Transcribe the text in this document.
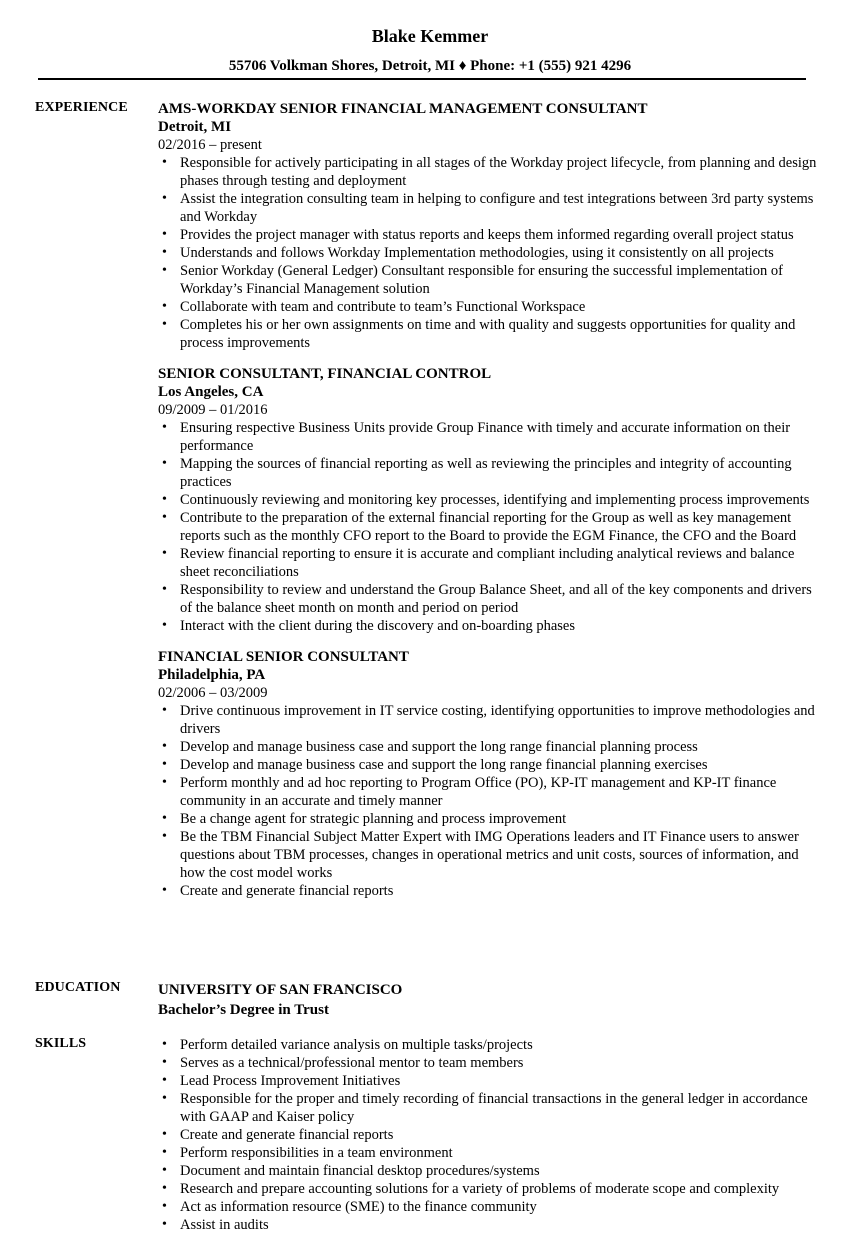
Blake Kemmer
55706 Volkman Shores, Detroit, MI ♦ Phone: +1 (555) 921 4296
EXPERIENCE AMS-WORKDAY SENIOR FINANCIAL MANAGEMENT CONSULTANT
Detroit, MI
02/2016 – present
• Responsible for actively participating in all stages of the Workday project lifecycle, from planning and design phases through testing and deployment
• Assist the integration consulting team in helping to configure and test integrations between 3rd party systems and Workday
• Provides the project manager with status reports and keeps them informed regarding overall project status
• Understands and follows Workday Implementation methodologies, using it consistently on all projects
• Senior Workday (General Ledger) Consultant responsible for ensuring the successful implementation of Workday’s Financial Management solution
• Collaborate with team and contribute to team’s Functional Workspace
• Completes his or her own assignments on time and with quality and suggests opportunities for quality and process improvements
SENIOR CONSULTANT, FINANCIAL CONTROL
Los Angeles, CA
09/2009 – 01/2016
• Ensuring respective Business Units provide Group Finance with timely and accurate information on their performance
• Mapping the sources of financial reporting as well as reviewing the principles and integrity of accounting practices
• Continuously reviewing and monitoring key processes, identifying and implementing process improvements
• Contribute to the preparation of the external financial reporting for the Group as well as key management reports such as the monthly CFO report to the Board to provide the EGM Finance, the CFO and the Board
• Review financial reporting to ensure it is accurate and compliant including analytical reviews and balance sheet reconciliations
• Responsibility to review and understand the Group Balance Sheet, and all of the key components and drivers of the balance sheet month on month and period on period
• Interact with the client during the discovery and on-boarding phases
FINANCIAL SENIOR CONSULTANT
Philadelphia, PA
02/2006 – 03/2009
• Drive continuous improvement in IT service costing, identifying opportunities to improve methodologies and drivers
• Develop and manage business case and support the long range financial planning process
• Develop and manage business case and support the long range financial planning exercises
• Perform monthly and ad hoc reporting to Program Office (PO), KP-IT management and KP-IT finance community in an accurate and timely manner
• Be a change agent for strategic planning and process improvement
• Be the TBM Financial Subject Matter Expert with IMG Operations leaders and IT Finance users to answer questions about TBM processes, changes in operational metrics and unit costs, sources of information, and how the cost model works
• Create and generate financial reports
EDUCATION	UNIVERSITY OF SAN FRANCISCO
Bachelor’s Degree in Trust
SKILLS
•	Perform detailed variance analysis on multiple tasks/projects
• Serves as a technical/professional mentor to team members
• Lead Process Improvement Initiatives
• Responsible for the proper and timely recording of financial transactions in the general ledger in accordance with GAAP and Kaiser policy
• Create and generate financial reports
• Perform responsibilities in a team environment
• Document and maintain financial desktop procedures/systems
• Research and prepare accounting solutions for a variety of problems of moderate scope and complexity
• Act as information resource (SME) to the finance community
• Assist in audits
